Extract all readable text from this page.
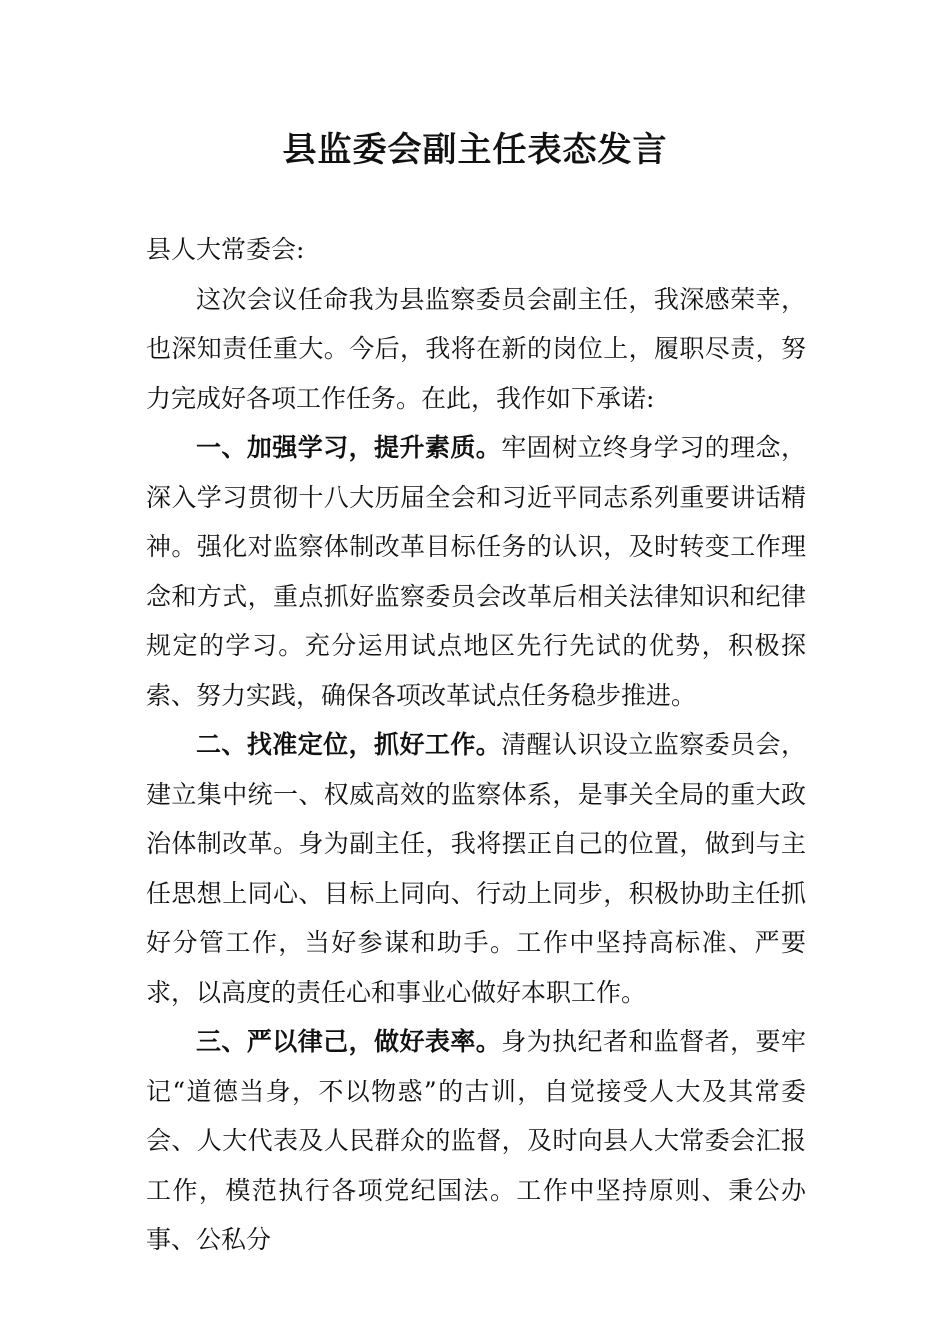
县监委会副主任表态发言

县人大常委会:

这次会议任命我为县监察委员会副主任，我深感荣幸，也深知责任重大。今后，我将在新的岗位上，履职尽责，努力完成好各项工作任务。在此，我作如下承诺:

一、加强学习，提升素质。牢固树立终身学习的理念，深入学习贯彻十八大历届全会和习近平同志系列重要讲话精神。强化对监察体制改革目标任务的认识，及时转变工作理念和方式，重点抓好监察委员会改革后相关法律知识和纪律规定的学习。充分运用试点地区先行先试的优势，积极探索、努力实践，确保各项改革试点任务稳步推进。

二、找准定位，抓好工作。清醒认识设立监察委员会，建立集中统一、权威高效的监察体系，是事关全局的重大政治体制改革。身为副主任，我将摆正自己的位置，做到与主任思想上同心、目标上同向、行动上同步，积极协助主任抓好分管工作，当好参谋和助手。工作中坚持高标准、严要求，以高度的责任心和事业心做好本职工作。

三、严以律己，做好表率。身为执纪者和监督者，要牢记“道德当身，不以物惑”的古训，自觉接受人大及其常委会、人大代表及人民群众的监督，及时向县人大常委会汇报工作，模范执行各项党纪国法。工作中坚持原则、秉公办事、公私分
